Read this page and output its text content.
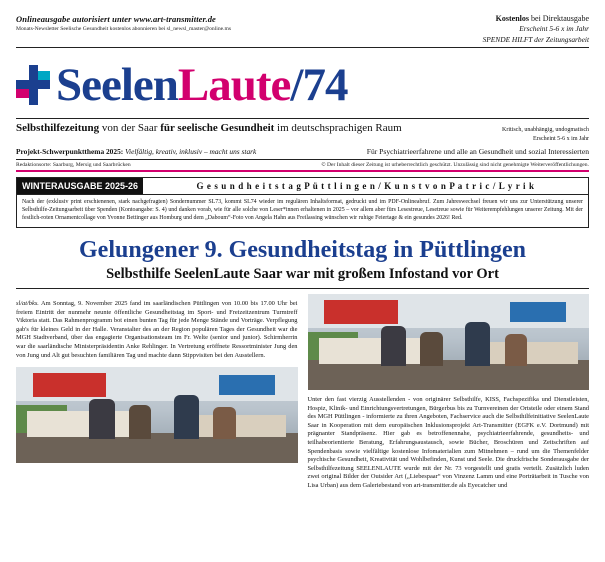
Onlineausgabe autorisiert unter www.art-transmitter.de
Monats-Newsletter Seelische Gesundheit kostenlos abonnieren bei sl_newsl_master@online.ms
Kostenlos bei Direktausgabe
Erscheint 5-6 x im Jahr
SPENDE HILFT der Zeitungsarbeit
SeelenLaute/74
Selbsthilfezeitung von der Saar für seelische Gesundheit im deutschsprachigen Raum	Kritisch, unabhängig, undogmatisch
Erscheint 5-6 x im Jahr
Projekt-Schwerpunktthema 2025: Vielfältig, kreativ, inklusiv – macht uns stark	Für Psychiatrieerfahrene und alle an Gesundheit und sozial Interessierten
Redaktionsorte: Saarburg, Mersig und Saarbrücken	© Der Inhalt dieser Zeitung ist urheberrechtlich geschützt. Unzulässig sind nicht genehmigte Weiterveröffentlichungen.
WINTERAUSGABE 2025-26	G e s u n d h e i t s t a g P ü t t l i n g e n / K u n s t v o n P a t r i c / L y r i k
Nach der (exklusiv print erschienenen, stark nachgefragten) Sondernummer SL73, kommt SL74 wieder im regulären Inhaltsformat, gedruckt und im PDF-Onlineabruf. Zum Jahreswechsel freuen wir uns zur Unterstützung unserer Selbsthilfe-Zeitungsarbeit über Spenden (Kontoangabe: S. 4) und danken vorab, wie für alle solche von Leser*innen erhaltenen in 2025 – vor allem aber fürs Lesestreue, Lesetreue sowie für Weiterempfehlungen unserer Zeitung. Mit der festlich-roten Ornamentcollage von Yvonne Bettinger aus Homburg und dem „Daboum“-Foto von Angela Hahn aus Freilassing wünschen wir ruhige Feiertage & ein gesundes 2026! Red.
Gelungener 9. Gesundheitstag in Püttlingen
Selbsthilfe SeelenLaute Saar war mit großem Infostand vor Ort

sl/at/bks. Am Sonntag, 9. November 2025 fand im saarländischen Püttlingen von 10.00 bis 17.00 Uhr bei freiem Eintritt der nunmehr neunte öffentliche Gesundheitstag im Sport- und Freizeitzentrum Turmtreff Viktoria statt. Das Rahmenprogramm bot einen bunten Tag für jede Menge Stände und Vorträge. Verpflegung gab's für kleines Geld in der Halle. Veranstalter des an der Region populären Tages der Gesundheit war die MGH Stadtverband, über das engagierte Organisationsteam im Fr. Welte (senior und junior). Schirmherrin war die saarländische Ministerpräsidentin Anke Rehlinger. In Vertretung eröffnete Ressortminister Jung den von Jung und Alt gut besuchten familiären Tag und machte dann Stippvisiten bei den Ausstellern.

Unter den fast vierzig Ausstellenden - von originärer Selbsthilfe, KISS, Fachspezifika und Dienstleisten, Hospiz, Klinik- und Einrichtungsvertretungen, Bürgerbus bis zu Turnvereinen der Ortsteile oder einem Stand des MGH Püttlingen - informierte zu ihren Angeboten, Fachservice auch die Selbsthilfeinitiative SeelenLaute Saar in Kooperation mit dem europäischen Inklusionsprojekt Art-Transmitter (EGFK e.V. Dortmund) mit prägnanter Standpräsenz. Hier gab es betroffenennahe, psychiatrieerfahrende, gesundheits- und teilhabeorientierte Beratung, Erfahrungsaustausch, sowie Bücher, Broschüren und Zeitschriften auf Spendenbasis sowie vielfältige kostenlose Infomaterialien zum Mitnehmen – rund um die Themenfelder psychische Gesundheit, Kreativität und Wohlbefinden, Kunst und Seele. Die druckfrische Sonderausgabe der Selbsthilfezeitung SEELENLAUTE wurde mit der Nr. 73 vorgestellt und gratis verteilt. Zusätzlich luden zwei original Bilder der Outsider Art („Liebespaar“ von Vinzenz Lamm und eine Porträtarbeit in Tusche von Lisa Urban) aus dem Galeriebestand von art-transmitter.de als Eyecatcher und
